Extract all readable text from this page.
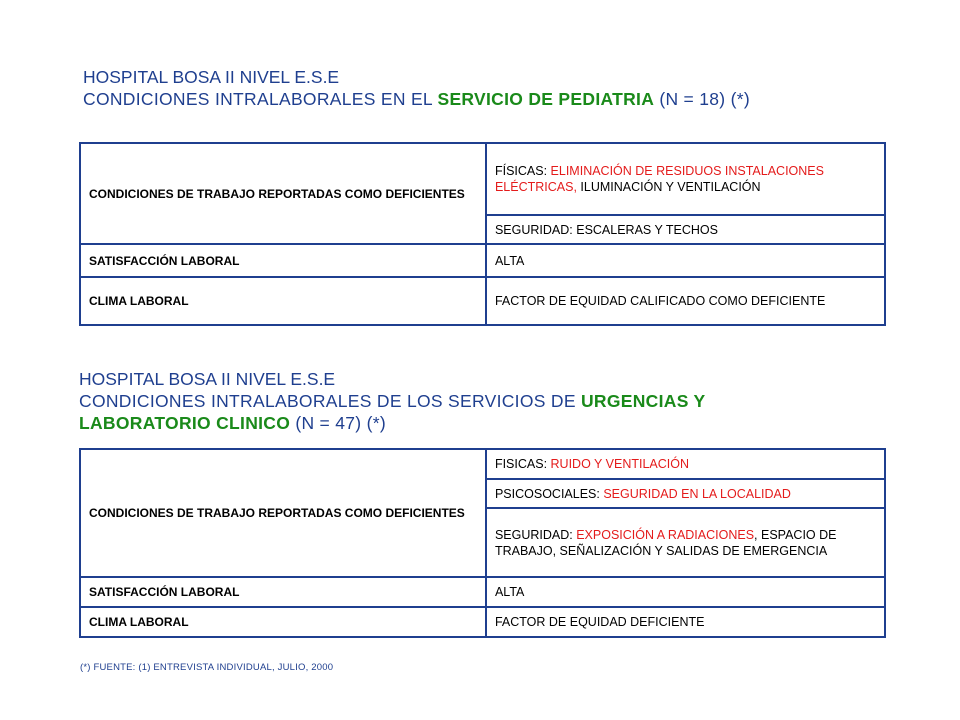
HOSPITAL BOSA II NIVEL E.S.E
CONDICIONES INTRALABORALES EN EL SERVICIO DE PEDIATRIA (N = 18) (*)
CONDICIONES DE TRABAJO REPORTADAS COMO DEFICIENTES	FÍSICAS: ELIMINACIÓN DE RESIDUOS INSTALACIONES ELÉCTRICAS, ILUMINACIÓN Y VENTILACIÓN
	SEGURIDAD: ESCALERAS Y TECHOS
SATISFACCIÓN LABORAL	ALTA
CLIMA LABORAL	FACTOR DE EQUIDAD CALIFICADO COMO DEFICIENTE
HOSPITAL BOSA II NIVEL E.S.E
CONDICIONES INTRALABORALES DE LOS SERVICIOS DE URGENCIAS Y
LABORATORIO CLINICO (N = 47) (*)
CONDICIONES DE TRABAJO REPORTADAS COMO DEFICIENTES	FISICAS: RUIDO Y VENTILACIÓN
	PSICOSOCIALES: SEGURIDAD EN LA LOCALIDAD
	SEGURIDAD: EXPOSICIÓN A RADIACIONES, ESPACIO DE TRABAJO, SEÑALIZACIÓN Y SALIDAS DE EMERGENCIA
SATISFACCIÓN LABORAL	ALTA
CLIMA LABORAL	FACTOR DE EQUIDAD DEFICIENTE
(*) FUENTE: (1) ENTREVISTA INDIVIDUAL, JULIO, 2000
